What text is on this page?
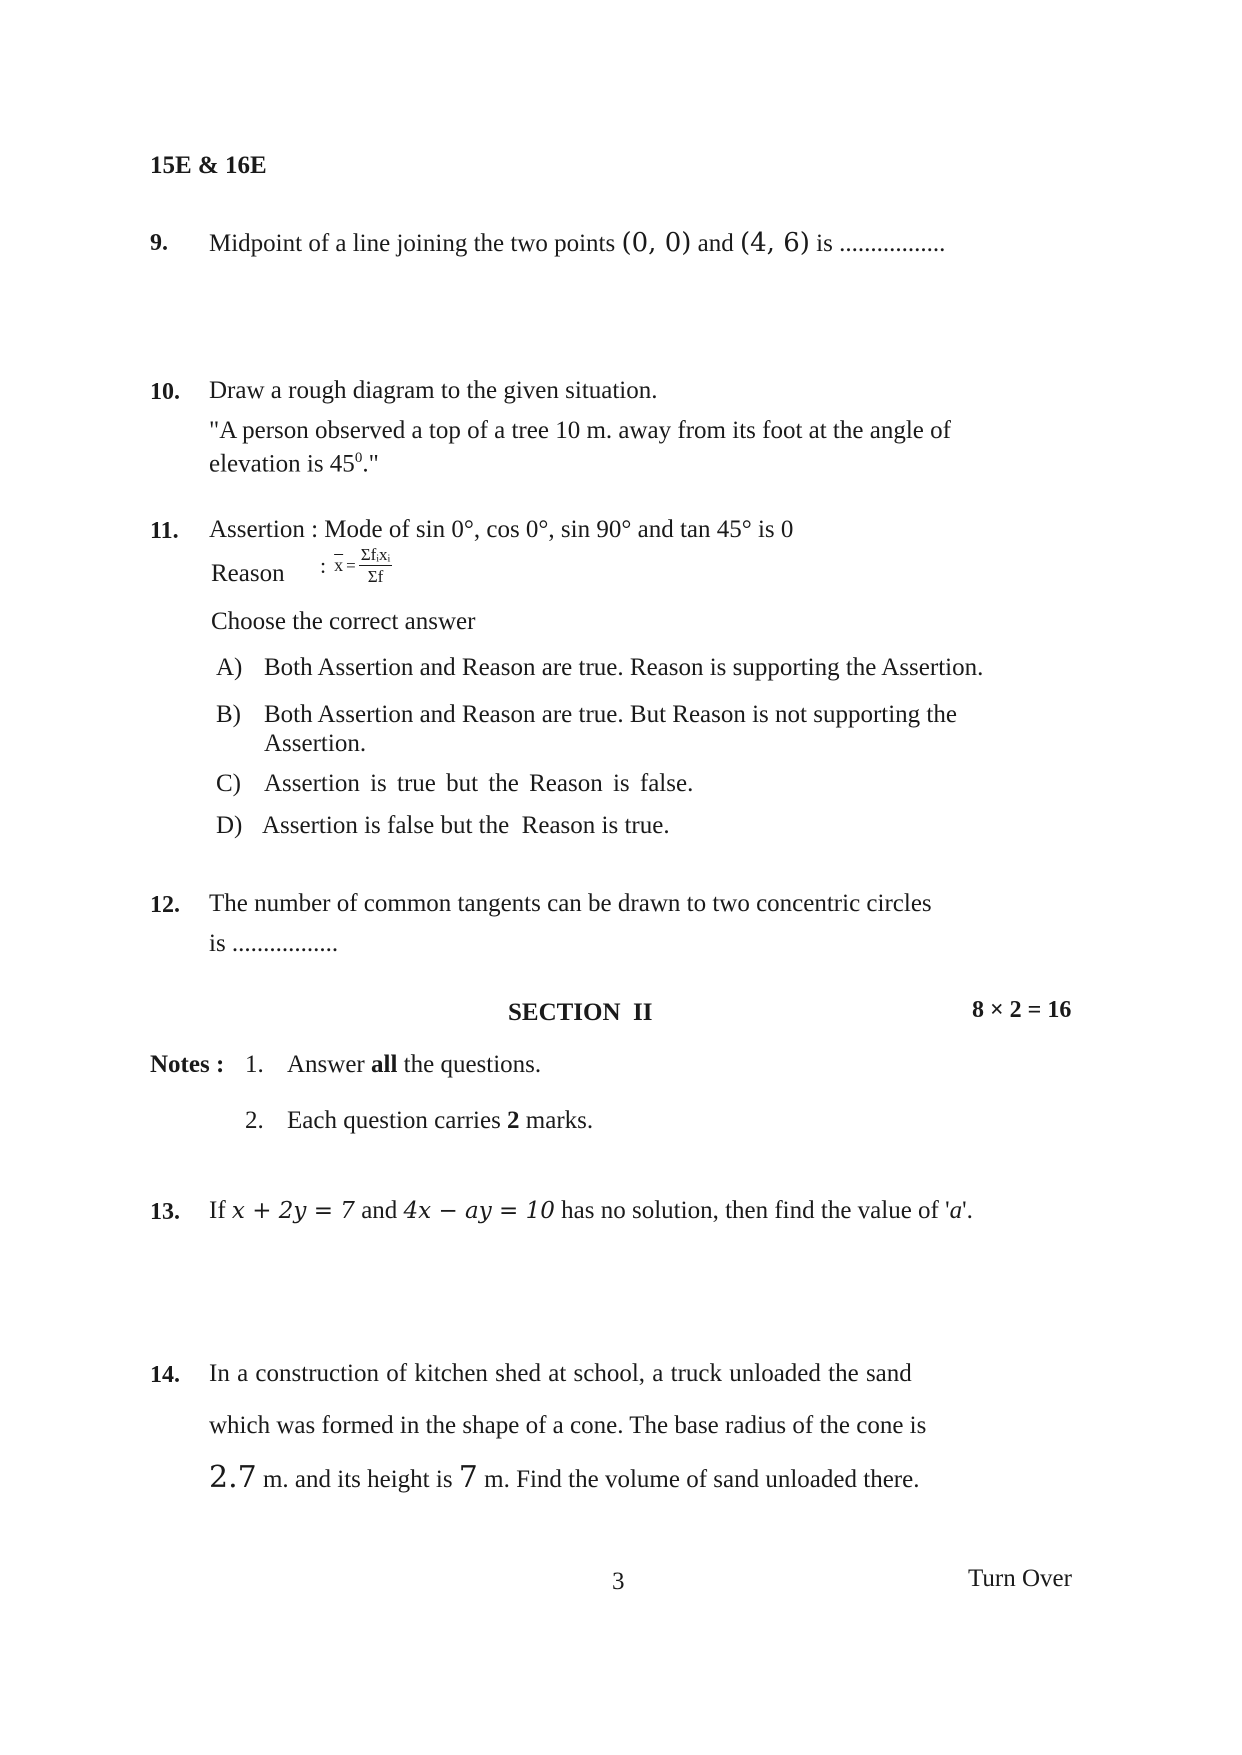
15E & 16E
9. Midpoint of a line joining the two points (0, 0) and (4, 6) is .................
10. Draw a rough diagram to the given situation.
"A person observed a top of a tree 10 m. away from its foot at the angle of
elevation is $45^0$."
11. Assertion : Mode of sin 0°, cos 0°, sin 90° and tan 45° is 0
Reason : $\overline{x} = \frac{\text{Σfᵢxᵢ}}{\Sigma f}$
Choose the correct answer
A) Both Assertion and Reason are true. Reason is supporting the Assertion.
B) Both Assertion and Reason are true. But Reason is not supporting the
Assertion.
C) Assertion is true but the Reason is false.
D) Assertion is false but the  Reason is true.
12. The number of common tangents can be drawn to two concentric circles
is .................
SECTION  II	8 × 2 = 16
Notes : 1. Answer all the questions.
2. Each question carries 2 marks.
13. If x + 2y = 7 and 4x − ay = 10 has no solution, then find the value of 'a'.
14. In a construction of kitchen shed at school, a truck unloaded the sand
which was formed in the shape of a cone. The base radius of the cone is
2.7 m. and its height is 7 m. Find the volume of sand unloaded there.
3	Turn Over
